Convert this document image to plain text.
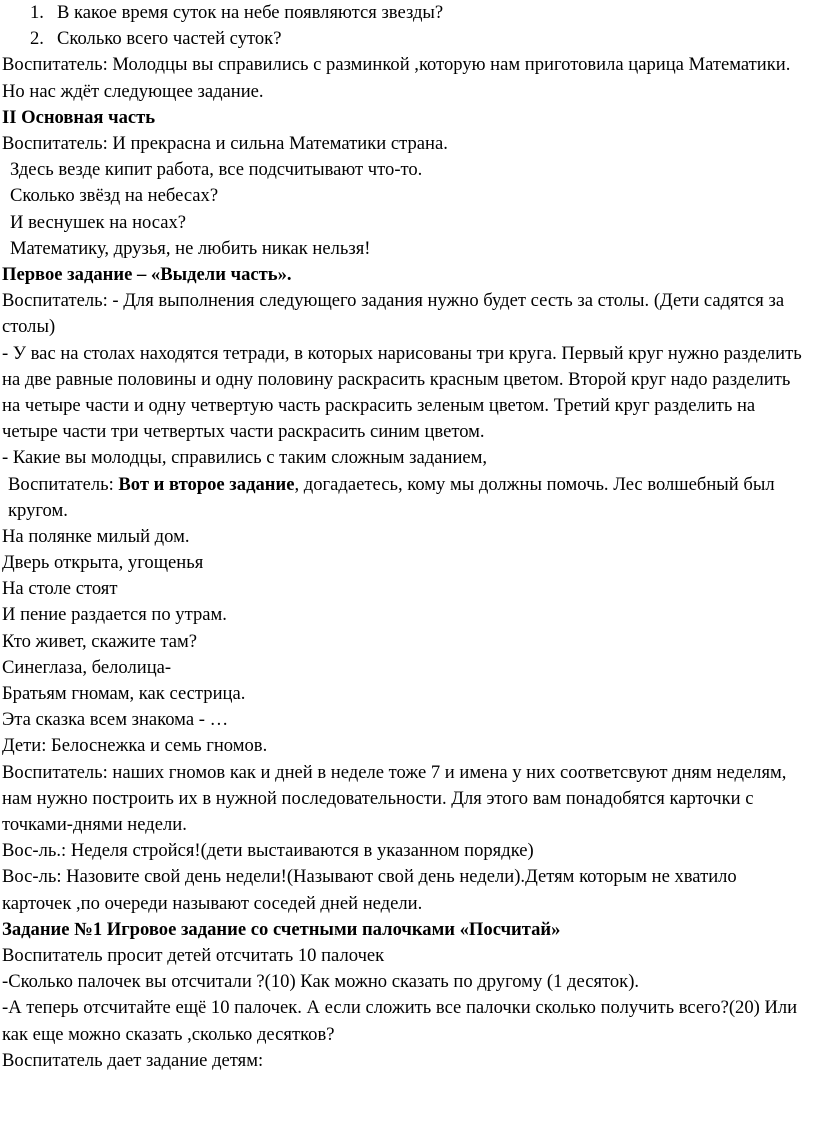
1. В какое время суток на небе появляются звезды?
2. Сколько всего частей суток?
Воспитатель: Молодцы вы справились с разминкой ,которую нам приготовила царица Математики. Но нас ждёт следующее задание.
II Основная часть
Воспитатель: И прекрасна и сильна Математики страна.
Здесь везде кипит работа, все подсчитывают что-то.
Сколько звёзд на небесах?
И веснушек на носах?
Математику, друзья, не любить никак нельзя!
Первое задание – «Выдели часть».
Воспитатель: - Для выполнения следующего задания нужно будет сесть за столы. (Дети садятся за столы)
- У вас на столах находятся тетради, в которых нарисованы три круга. Первый круг нужно разделить на две равные половины и одну половину раскрасить красным цветом. Второй круг надо разделить на четыре части и одну четвертую часть раскрасить зеленым цветом. Третий круг разделить на четыре части три четвертых части раскрасить синим цветом.
- Какие вы молодцы, справились с таким сложным заданием,
Воспитатель: Вот и второе задание, догадаетесь, кому мы должны помочь. Лес волшебный был кругом.
На полянке милый дом.
Дверь открыта, угощенья
На столе стоят
И пение раздается по утрам.
Кто живет, скажите там?
Синеглаза, белолица-
Братьям гномам, как сестрица.
Эта сказка всем знакома - …
Дети: Белоснежка и семь гномов.
Воспитатель: наших гномов как и дней в неделе тоже 7 и имена у них соответсвуют дням неделям, нам нужно построить их в нужной последовательности. Для этого вам понадобятся карточки с точками-днями недели.
Вос-ль.: Неделя стройся!(дети выстаиваются в указанном порядке)
Вос-ль: Назовите свой день недели!(Называют свой день недели).Детям которым не хватило карточек ,по очереди называют соседей дней недели.
Задание №1 Игровое задание со счетными палочками «Посчитай»
Воспитатель просит детей отсчитать 10 палочек
-Сколько палочек вы отсчитали ?(10) Как можно сказать по другому (1 десяток).
-А теперь отсчитайте ещё 10 палочек. А если сложить все палочки сколько получить всего?(20) Или как еще можно сказать ,сколько десятков?
Воспитатель дает задание детям:
